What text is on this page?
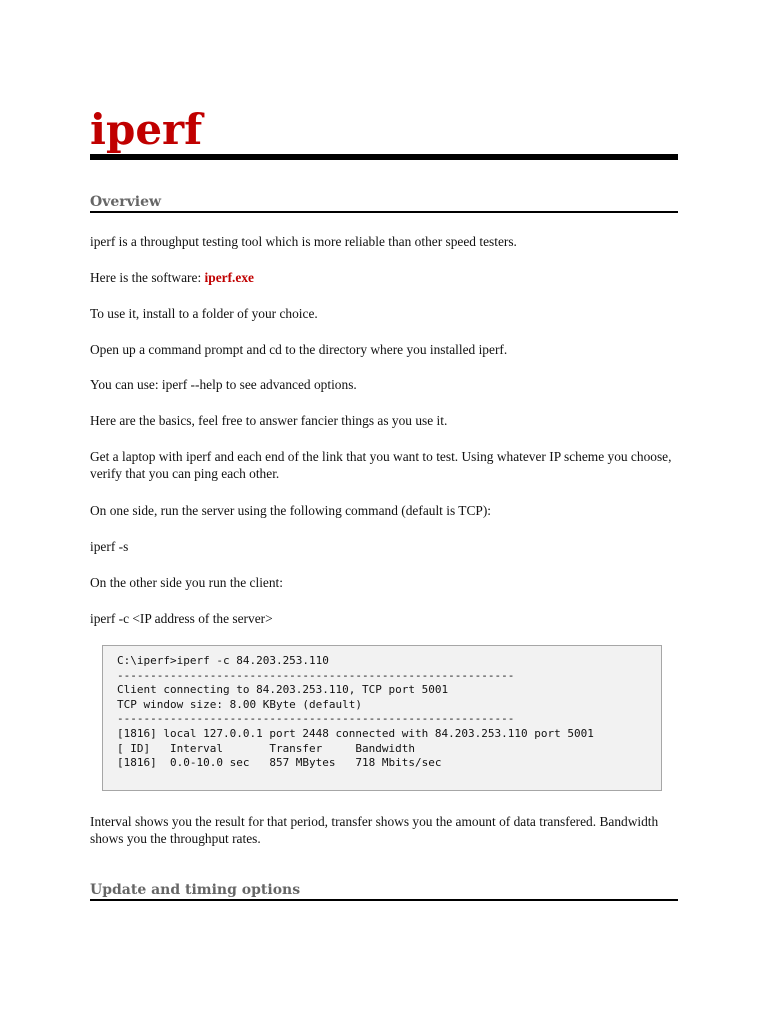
iperf
Overview

iperf is a throughput testing tool which is more reliable than other speed testers.

Here is the software: iperf.exe

To use it, install to a folder of your choice.

Open up a command prompt and cd to the directory where you installed iperf.

You can use: iperf --help to see advanced options.

Here are the basics, feel free to answer fancier things as you use it.

Get a laptop with iperf and each end of the link that you want to test. Using whatever IP scheme you choose, verify that you can ping each other.

On one side, run the server using the following command (default is TCP):

iperf -s

On the other side you run the client:

iperf -c <IP address of the server>

C:\iperf>iperf -c 84.203.253.110
------------------------------------------------------------
Client connecting to 84.203.253.110, TCP port 5001
TCP window size: 8.00 KByte (default)
------------------------------------------------------------
[1816] local 127.0.0.1 port 2448 connected with 84.203.253.110 port 5001
[ ID]   Interval       Transfer     Bandwidth
[1816]  0.0-10.0 sec   857 MBytes   718 Mbits/sec

Interval shows you the result for that period, transfer shows you the amount of data transfered. Bandwidth shows you the throughput rates.

Update and timing options
